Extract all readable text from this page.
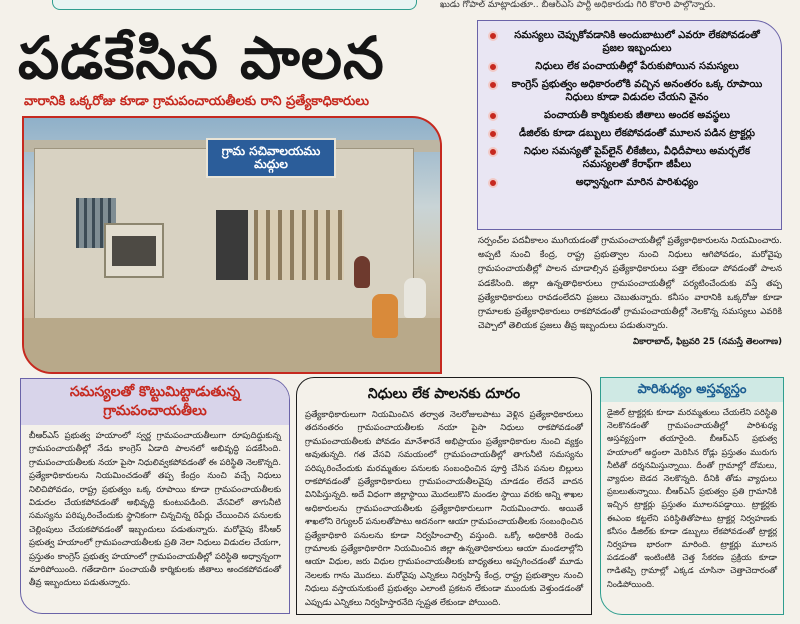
ఖుడు గోపాల్ మాట్లాడుతూ.. బీఆర్ఎస్ పార్టీ అధికారుడు గిరి కొరారి పాల్గొన్నారు.
పడకేసిన పాలన
వారానికి ఒక్కరోజు కూడా గ్రామపంచాయతీలకు రాని ప్రత్యేకాధికారులు
గ్రామ సచివాలయము మద్గుల
సమస్యలు చెప్పుకోవడానికి అందుబాటులో ఎవరూ లేకపోవడంతో ప్రజల ఇబ్బందులు
నిధులు లేక పంచాయతీల్లో పేరుకుపోయిన సమస్యలు
కాంగ్రెస్ ప్రభుత్వం అధికారంలోకి వచ్చిన అనంతరం ఒక్క రూపాయి నిధులు కూడా విడుదల చేయని వైనం
పంచాయతీ కార్మికులకు జీతాలు అందక అవస్థలు
డీజిల్‌కు కూడా డబ్బులు లేకపోవడంతో మూలన పడిన ట్రాక్టర్లు
నిధుల సమస్యతో పైప్‌లైన్ లీకేజీలు, వీధిదీపాలు అమర్చలేక సమస్యలతో కేరాఫ్‌గా జీపీలు
అధ్వాన్నంగా మారిన పారిశుధ్యం
సర్పంచ్‌ల పదవీకాలం ముగియడంతో గ్రామపంచాయతీల్లో ప్రత్యేకాధికారులను నియమించారు. అప్పటి నుంచి కేంద్ర, రాష్ట్ర ప్రభుత్వాల నుంచి నిధులు ఆగిపోవడం, మరోవైపు గ్రామపంచాయతీల్లో పాలన చూడాల్సిన ప్రత్యేకాధికారులు పత్తా లేకుండా పోవడంతో పాలన పడకేసింది. జిల్లా ఉన్నతాధికారులు గ్రామపంచాయతీల్లో పర్యటించేందుకు వస్తే తప్ప ప్రత్యేకాధికారులు రావడంలేదని ప్రజలు చెబుతున్నారు. కనీసం వారానికి ఒక్కరోజు కూడా గ్రామాలకు ప్రత్యేకాధికారులు రాకపోవడంతో గ్రామపంచాయతీల్లో నెలకొన్న సమస్యలు ఎవరికి చెప్పాలో తెలియక ప్రజలు తీవ్ర ఇబ్బందులు పడుతున్నారు.
వికారాబాద్, ఫిబ్రవరి 25 (నమస్తే తెలంగాణ)
సమస్యలతో కొట్టుమిట్టాడుతున్న గ్రామపంచాయతీలు
బీఆర్ఎస్ ప్రభుత్వ హయాంలో స్వర్ణ గ్రామపంచాయతీలుగా రూపుదిద్దుకున్న గ్రామపంచాయతీల్లో నేడు కాంగ్రెస్ ఏడాది పాలనలో అభివృద్ధి పడకేసింది. గ్రామపంచాయతీలకు నయా పైసా నిధులివ్వకపోవడంతో ఈ పరిస్థితి నెలకొన్నది. ప్రత్యేకాధికారులను నియమించడంతో తప్ప కేంద్రం నుంచి వచ్చే నిధులు నిలిచిపోవడం, రాష్ట్ర ప్రభుత్వం ఒక్క రూపాయి కూడా గ్రామపంచాయతీలకు విడుదల చేయకపోవడంతో అభివృద్ధి కుంటుపడింది. వేసవిలో తాగునీటి సమస్యను పరిష్కరించేందుకు స్థానికంగా చిన్నచిన్న రిపేర్లు చేయించిన పనులకు చెల్లింపులు చేయకపోవడంతో ఇబ్బందులు పడుతున్నారు. మరోవైపు కేసీఆర్ ప్రభుత్వ హయాంలో గ్రామపంచాయతీలకు ప్రతి నెలా నిధులు విడుదల చేయగా, ప్రస్తుతం కాంగ్రెస్ ప్రభుత్వ హయాంలో గ్రామపంచాయతీల్లో పరిస్థితి అధ్వాన్నంగా మారిపోయింది. గతేడాదిగా పంచాయతీ కార్మికులకు జీతాలు అందకపోవడంతో తీవ్ర ఇబ్బందులు పడుతున్నారు.
నిధులు లేక పాలనకు దూరం
ప్రత్యేకాధికారులుగా నియమించిన తర్వాత నెలరోజులపాటు వెళ్లిన ప్రత్యేకాధికారులు తదనంతరం గ్రామపంచాయతీలకు నయా పైసా నిధులు రాకపోవడంతో గ్రామపంచాయతీలకు పోవడం మానేశారనే అభిప్రాయం ప్రత్యేకాధికారుల నుంచి వ్యక్తం అవుతున్నది. గత వేసవి సమయంలో గ్రామపంచాయతీల్లో తాగునీటి సమస్యను పరిష్కరించేందుకు మరమ్మతుల పనులకు సంబంధించిన పూర్తి చేసిన పనుల బిల్లులు రాకపోవడంతో ప్రత్యేకాధికారులు గ్రామపంచాయతీలవైపు చూడడం లేదనే వాదన వినిపిస్తున్నది. అదే విధంగా జిల్లాస్థాయి మొదలుకొని మండల స్థాయి వరకు అన్ని శాఖల అధికారులను గ్రామపంచాయతీలకు ప్రత్యేకాధికారులుగా నియమించారు. అయితే శాఖలోని రెగ్యులర్ పనులతోపాటు అదనంగా ఆయా గ్రామపంచాయతీలకు సంబంధించిన ప్రత్యేకాధికారి పనులను కూడా నిర్వహించాల్సి వస్తుంది. ఒక్కో అధికారికి రెండు గ్రామాలకు ప్రత్యేకాధికారిగా నియమించిన జిల్లా ఉన్నతాధికారులు ఆయా మండలాల్లోని ఆయా విధుల, జరు విధుల గ్రామపంచాయతీలకు బాధ్యతలు అప్పగించడంతో మూడు నెలలకు గాను మొదలు. మరోవైపు ఎన్నికలు నిర్వహిస్తే కేంద్ర, రాష్ట్ర ప్రభుత్వాల నుంచి నిధులు వస్తాయనుకుంటే ప్రభుత్వం ఎలాంటి ప్రకటన లేకుండా ముందుకు వెళ్తుండడంతో ఎప్పుడు ఎన్నికలు నిర్వహిస్తారనేది స్పష్టత లేకుండా పోయింది.
పారిశుధ్యం అస్తవ్యస్తం
డైజిల్ ట్రాక్టర్లకు కూడా మరమ్మతులు చేయలేని పరిస్థితి నెలకొనడంతో గ్రామపంచాయతీల్లో పారిశుధ్య అస్తవ్యస్తంగా తయారైంది. బీఆర్ఎస్ ప్రభుత్వ హయాంలో అద్దంలా మెరిసిన రోడ్లు ప్రస్తుతం మురుగు నీటితో దర్శనమిస్తున్నాయి. దీంతో గ్రామాల్లో దోమలు, వ్యాధుల బెడద నెలకొన్నది. దీనికి తోడు వ్యాధులు ప్రబలుతున్నాయి. బీఆర్ఎస్ ప్రభుత్వం ప్రతి గ్రామానికి ఇచ్చిన ట్రాక్టర్లు ప్రస్తుతం మూలనపడ్డాయి. ట్రాక్టర్లకు ఈఎంఐ కట్టలేని పరిస్థితితోపాటు ట్రాక్టర్ల నిర్వహణకు కనీసం డీజిల్‌కు కూడా డబ్బులు లేకపోవడంతో ట్రాక్టర్ల నిర్వహణ భారంగా మారింది. ట్రాక్టర్లు మూలన పడడంతో ఇంటింటికి చెత్త సేకరణ ప్రక్రియ కూడా గాడితప్పి గ్రామాల్లో ఎక్కడ చూసినా చెత్తాచెదారంతో నిండిపోయింది.
